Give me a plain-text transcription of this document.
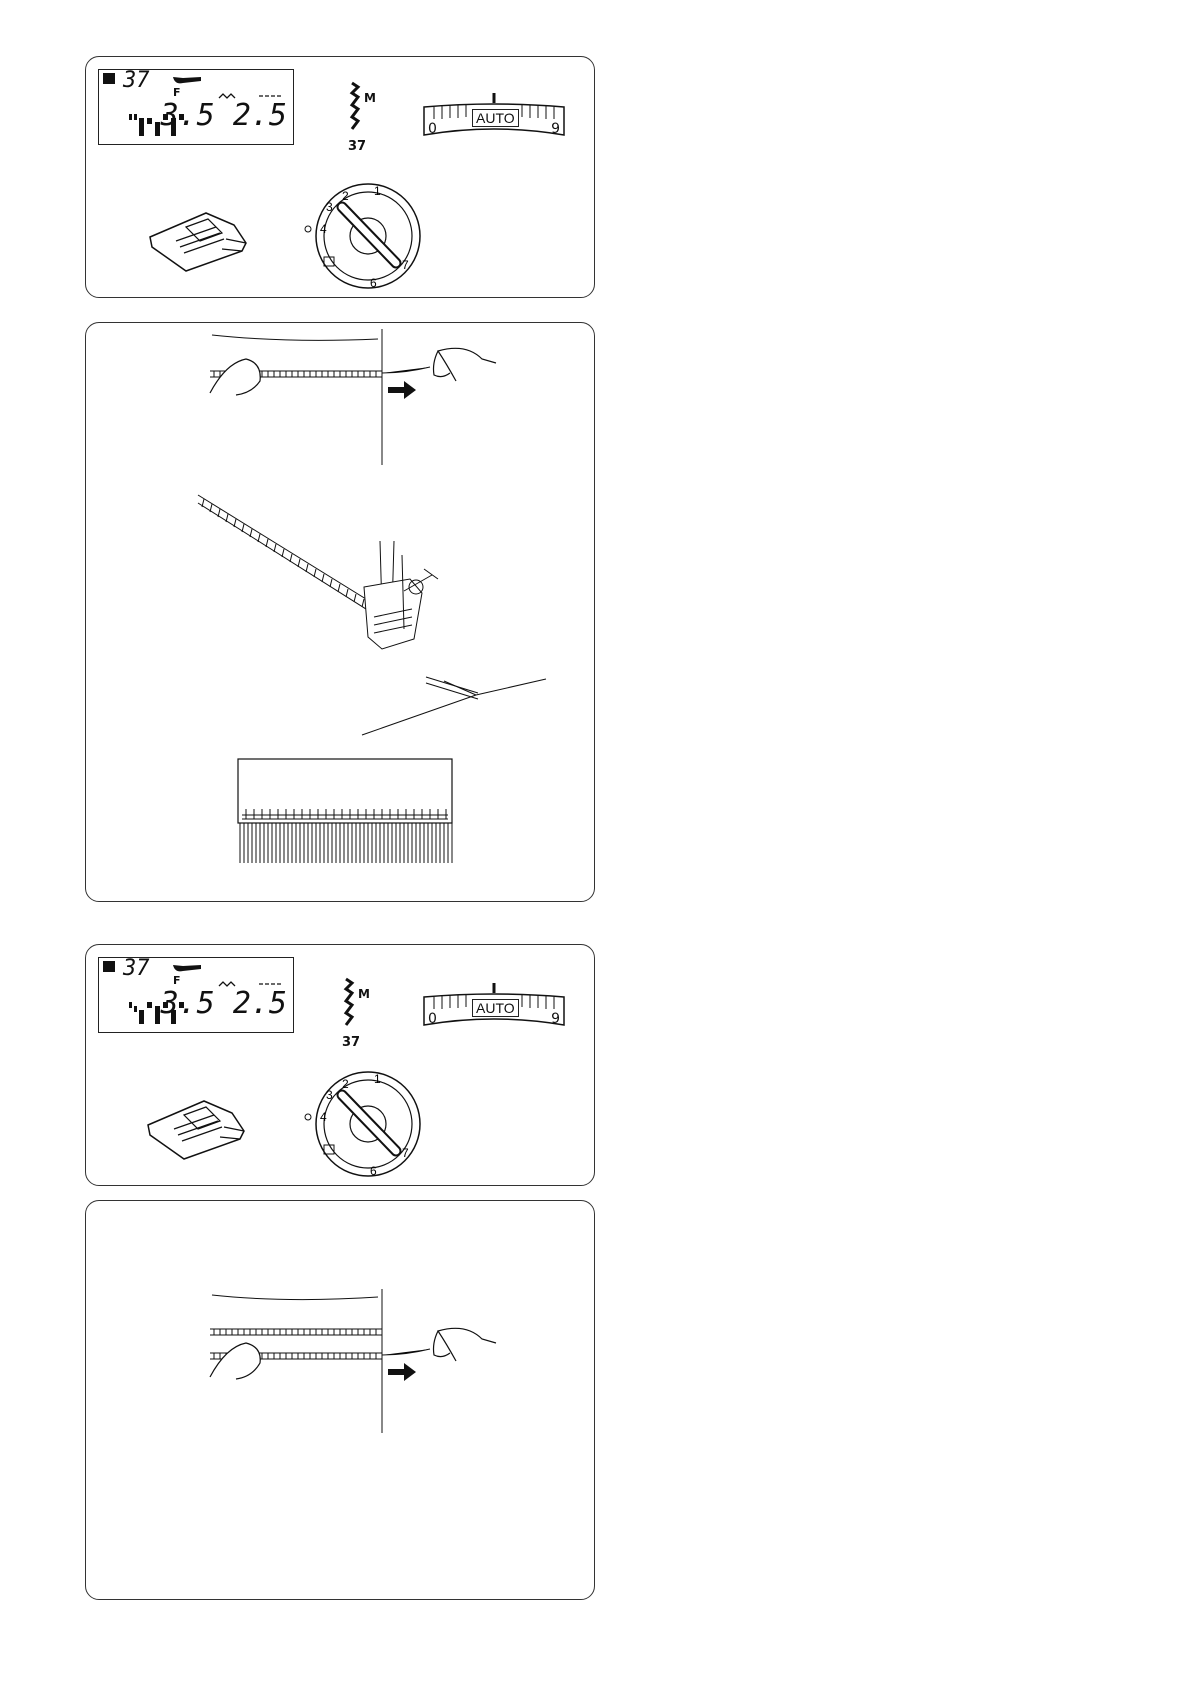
37 F
3.5 2.5	M
37
AUTO
0	9
2 1
3
4
6
7
37 F
3.5 2.5	M
37
AUTO
0	9
2 1
3
4
6
7
